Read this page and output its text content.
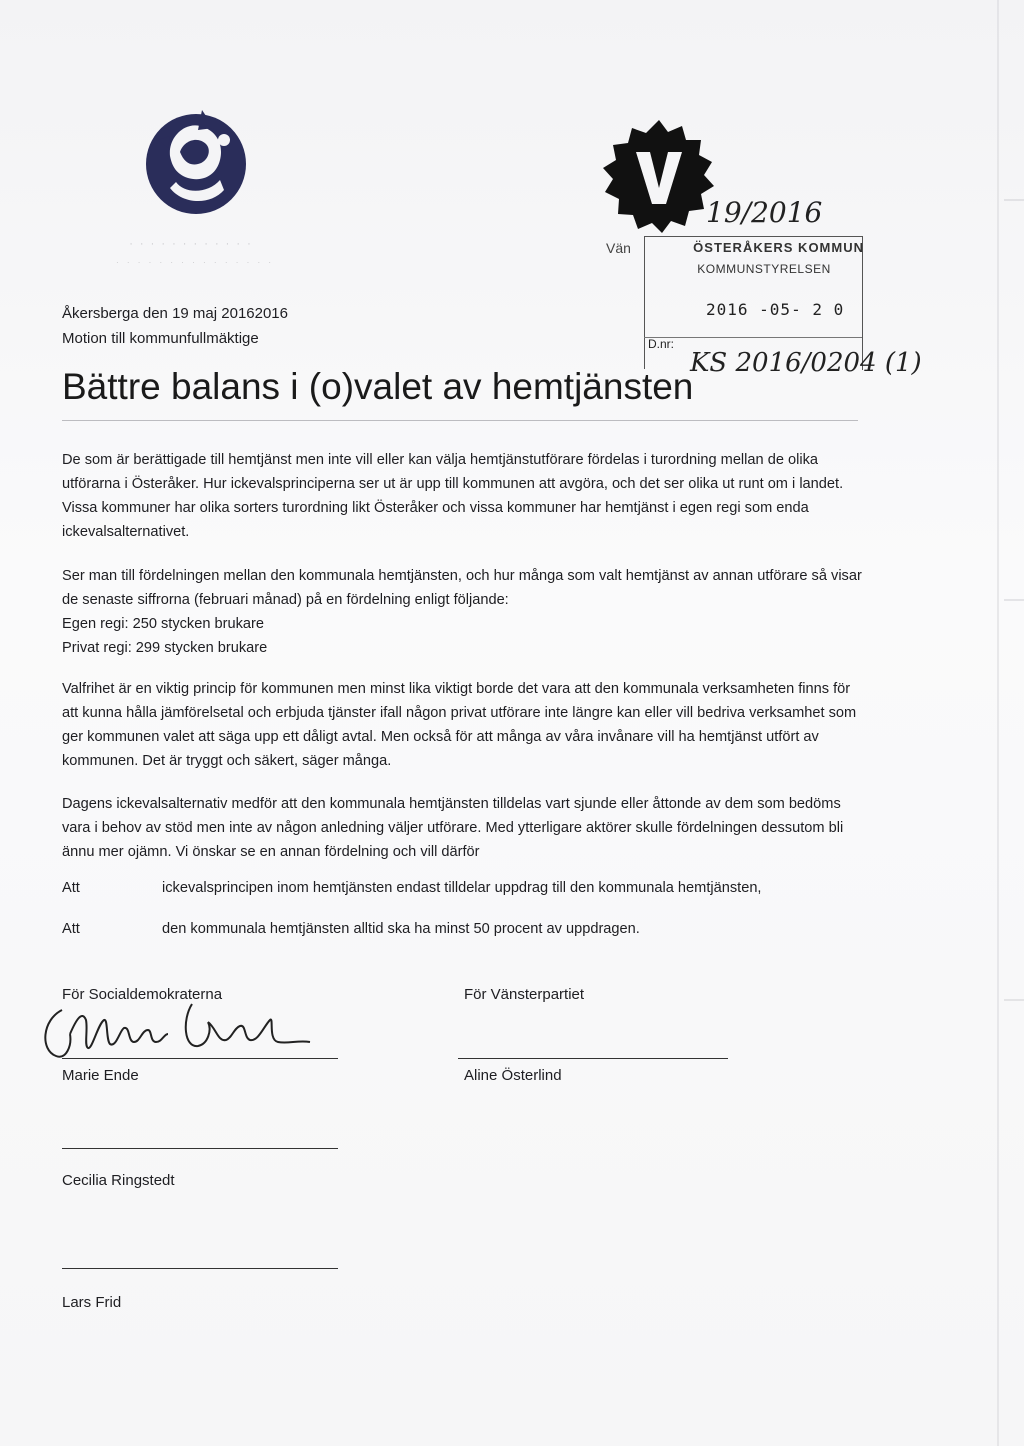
· · · · · · · · · · · ·
· · · · · · · · · · · · · · ·
Vän	ÖSTERÅKERS KOMMUN
KOMMUNSTYRELSEN
2016 -05- 2 0
D.nr:
19/2016
KS 2016/0204 (1)
Åkersberga den 19 maj 20162016
Motion till kommunfullmäktige
Bättre balans i (o)valet av hemtjänsten

De som är berättigade till hemtjänst men inte vill eller kan välja hemtjänstutförare fördelas i turordning mellan de olika utförarna i Österåker. Hur ickevalsprinciperna ser ut är upp till kommunen att avgöra, och det ser olika ut runt om i landet. Vissa kommuner har olika sorters turordning likt Österåker och vissa kommuner har hemtjänst i egen regi som enda ickevalsalternativet.

Ser man till fördelningen mellan den kommunala hemtjänsten, och hur många som valt hemtjänst av annan utförare så visar de senaste siffrorna (februari månad) på en fördelning enligt följande:
Egen regi: 250 stycken brukare
Privat regi: 299 stycken brukare

Valfrihet är en viktig princip för kommunen men minst lika viktigt borde det vara att den kommunala verksamheten finns för att kunna hålla jämförelsetal och erbjuda tjänster ifall någon privat utförare inte längre kan eller vill bedriva verksamhet som ger kommunen valet att säga upp ett dåligt avtal. Men också för att många av våra invånare vill ha hemtjänst utfört av kommunen. Det är tryggt och säkert, säger många.

Dagens ickevalsalternativ medför att den kommunala hemtjänsten tilldelas vart sjunde eller åttonde av dem som bedöms vara i behov av stöd men inte av någon anledning väljer utförare. Med ytterligare aktörer skulle fördelningen dessutom bli ännu mer ojämn. Vi önskar se en annan fördelning och vill därför

Att	ickevalsprincipen inom hemtjänsten endast tilldelar uppdrag till den kommunala hemtjänsten,
Att	den kommunala hemtjänsten alltid ska ha minst 50 procent av uppdragen.
För Socialdemokraterna	För Vänsterpartiet
Marie Ende	Aline Österlind
Cecilia Ringstedt
Lars Frid
